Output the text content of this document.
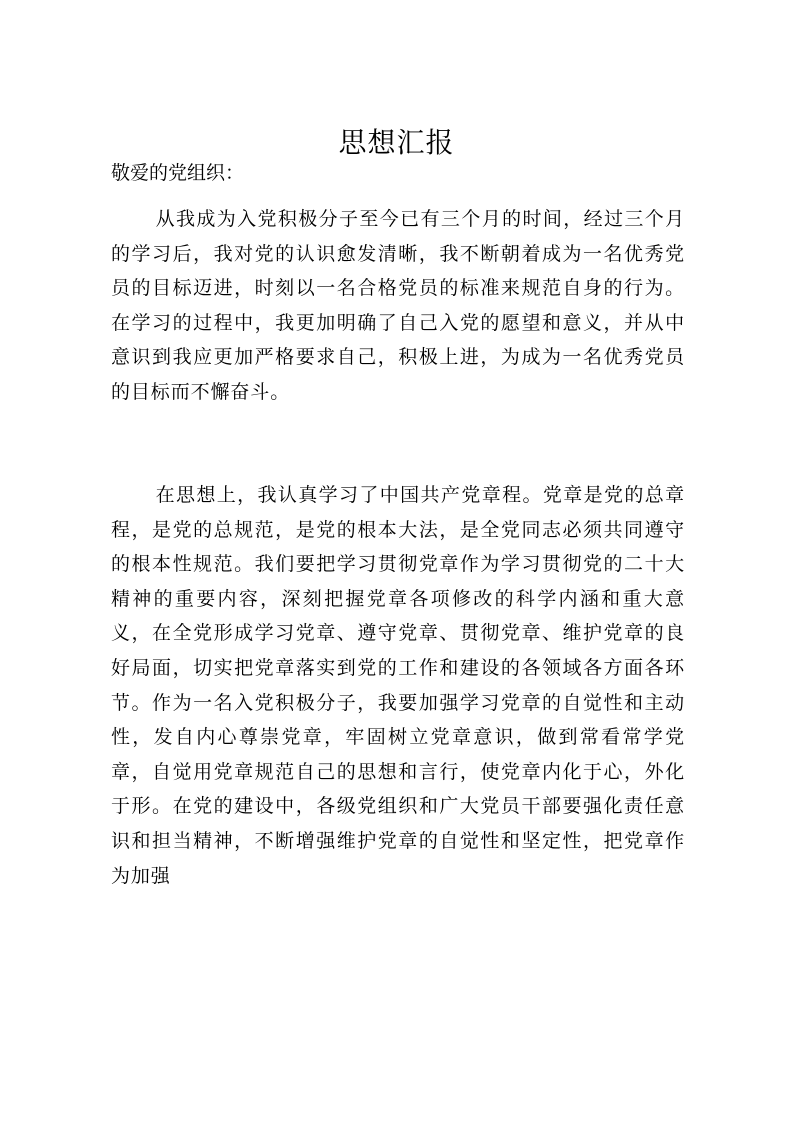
思想汇报
敬爱的党组织：

从我成为入党积极分子至今已有三个月的时间，经过三个月的学习后，我对党的认识愈发清晰，我不断朝着成为一名优秀党员的目标迈进，时刻以一名合格党员的标准来规范自身的行为。在学习的过程中，我更加明确了自己入党的愿望和意义，并从中意识到我应更加严格要求自己，积极上进，为成为一名优秀党员的目标而不懈奋斗。

在思想上，我认真学习了中国共产党章程。党章是党的总章程，是党的总规范，是党的根本大法，是全党同志必须共同遵守的根本性规范。我们要把学习贯彻党章作为学习贯彻党的二十大精神的重要内容，深刻把握党章各项修改的科学内涵和重大意义，在全党形成学习党章、遵守党章、贯彻党章、维护党章的良好局面，切实把党章落实到党的工作和建设的各领域各方面各环节。作为一名入党积极分子，我要加强学习党章的自觉性和主动性，发自内心尊崇党章，牢固树立党章意识，做到常看常学党章，自觉用党章规范自己的思想和言行，使党章内化于心，外化于形。在党的建设中，各级党组织和广大党员干部要强化责任意识和担当精神，不断增强维护党章的自觉性和坚定性，把党章作为加强
